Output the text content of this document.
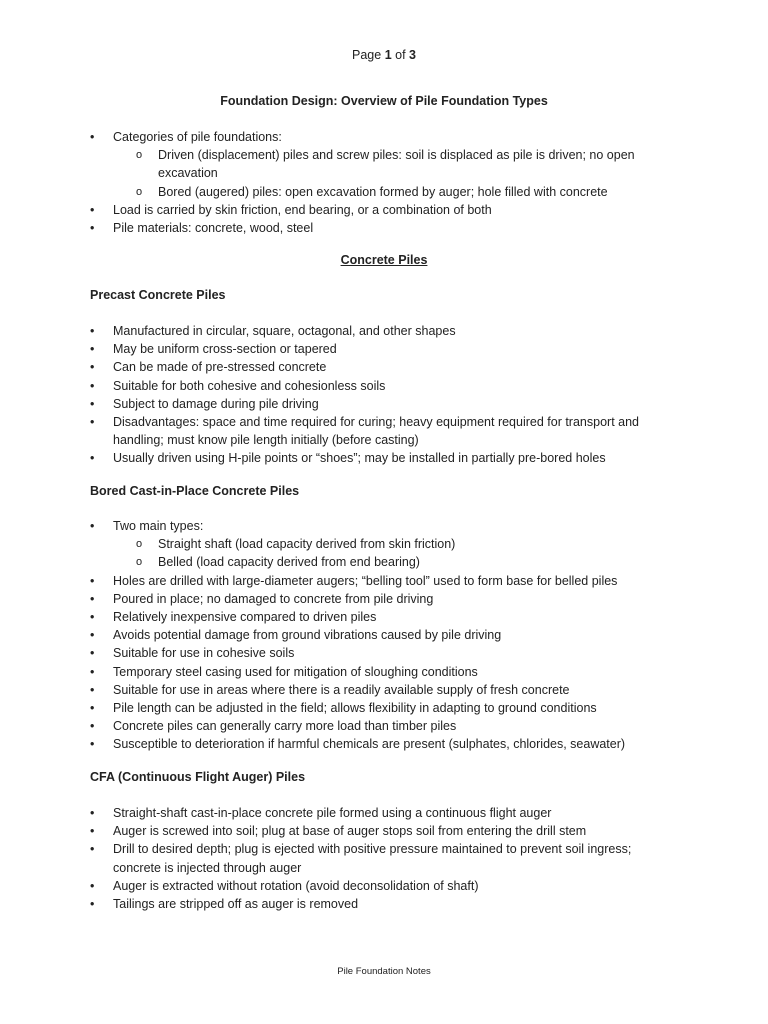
Page 1 of 3
Foundation Design: Overview of Pile Foundation Types
• Categories of pile foundations:
o Driven (displacement) piles and screw piles: soil is displaced as pile is driven; no open excavation
o Bored (augered) piles: open excavation formed by auger; hole filled with concrete
• Load is carried by skin friction, end bearing, or a combination of both
• Pile materials: concrete, wood, steel
Concrete Piles
Precast Concrete Piles
• Manufactured in circular, square, octagonal, and other shapes
• May be uniform cross-section or tapered
• Can be made of pre-stressed concrete
• Suitable for both cohesive and cohesionless soils
• Subject to damage during pile driving
• Disadvantages: space and time required for curing; heavy equipment required for transport and handling; must know pile length initially (before casting)
• Usually driven using H-pile points or “shoes”; may be installed in partially pre-bored holes
Bored Cast-in-Place Concrete Piles
• Two main types:
o Straight shaft (load capacity derived from skin friction)
o Belled (load capacity derived from end bearing)
• Holes are drilled with large-diameter augers; “belling tool” used to form base for belled piles
• Poured in place; no damaged to concrete from pile driving
• Relatively inexpensive compared to driven piles
• Avoids potential damage from ground vibrations caused by pile driving
• Suitable for use in cohesive soils
• Temporary steel casing used for mitigation of sloughing conditions
• Suitable for use in areas where there is a readily available supply of fresh concrete
• Pile length can be adjusted in the field; allows flexibility in adapting to ground conditions
• Concrete piles can generally carry more load than timber piles
• Susceptible to deterioration if harmful chemicals are present (sulphates, chlorides, seawater)
CFA (Continuous Flight Auger) Piles
• Straight-shaft cast-in-place concrete pile formed using a continuous flight auger
• Auger is screwed into soil; plug at base of auger stops soil from entering the drill stem
• Drill to desired depth; plug is ejected with positive pressure maintained to prevent soil ingress; concrete is injected through auger
• Auger is extracted without rotation (avoid deconsolidation of shaft)
• Tailings are stripped off as auger is removed
Pile Foundation Notes
